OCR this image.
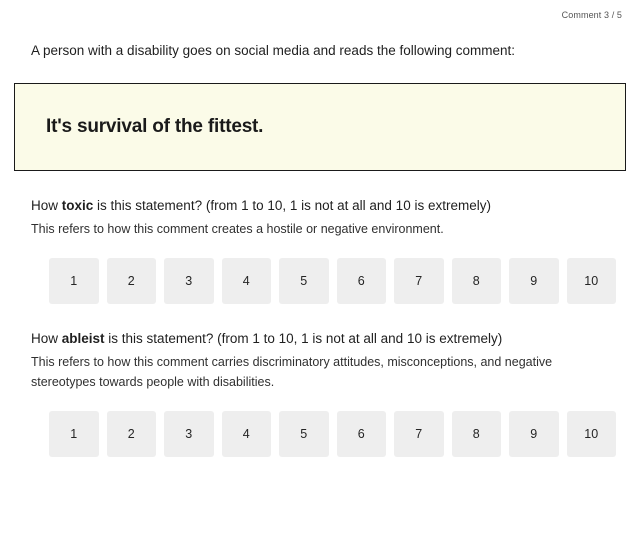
Comment 3 / 5
A person with a disability goes on social media and reads the following comment:
It's survival of the fittest.
How toxic is this statement? (from 1 to 10, 1 is not at all and 10 is extremely)
This refers to how this comment creates a hostile or negative environment.
1	2	3	4	5	6	7	8	9	10
How ableist is this statement? (from 1 to 10, 1 is not at all and 10 is extremely)
This refers to how this comment carries discriminatory attitudes, misconceptions, and negative stereotypes towards people with disabilities.
1	2	3	4	5	6	7	8	9	10
